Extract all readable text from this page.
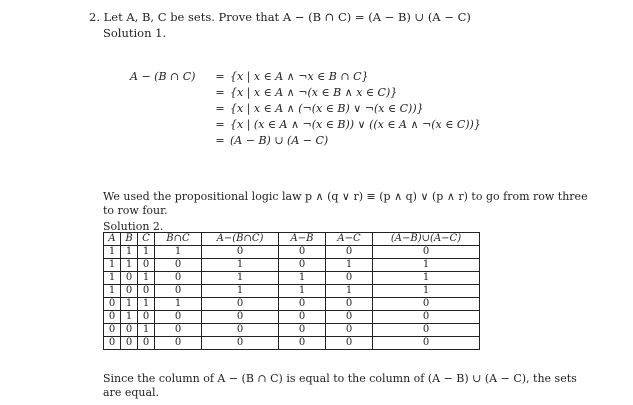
2. Let A, B, C be sets. Prove that A − (B ∩ C) = (A − B) ∪ (A − C)
Solution 1.
A − (B ∩ C)	= {x | x ∈ A ∧ ¬x ∈ B ∩ C}
= {x | x ∈ A ∧ ¬(x ∈ B ∧ x ∈ C)}
= {x | x ∈ A ∧ (¬(x ∈ B) ∨ ¬(x ∈ C))}
= {x | (x ∈ A ∧ ¬(x ∈ B)) ∨ ((x ∈ A ∧ ¬(x ∈ C))}
= (A − B) ∪ (A − C)
We used the propositional logic law p ∧ (q ∨ r) ≡ (p ∧ q) ∨ (p ∧ r) to go from row three
to row four.
Solution 2.
A	B	C	B∩C	A−(B∩C)	A−B	A−C	(A−B)∪(A−C)
1	1	1	1	0	0	0	0
1	1	0	0	1	0	1	1
1	0	1	0	1	1	0	1
1	0	0	0	1	1	1	1
0	1	1	1	0	0	0	0
0	1	0	0	0	0	0	0
0	0	1	0	0	0	0	0
0	0	0	0	0	0	0	0
Since the column of A − (B ∩ C) is equal to the column of (A − B) ∪ (A − C), the sets
are equal.
